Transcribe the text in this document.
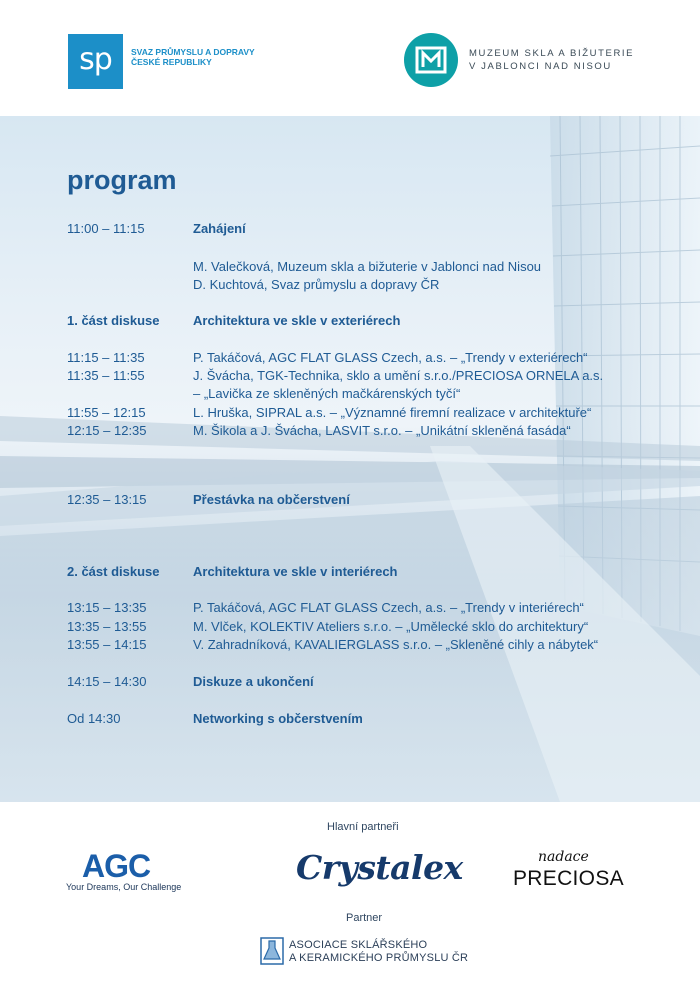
sp	SVAZ PRŮMYSLU A DOPRAVY
ČESKÉ REPUBLIKY
MUZEUM SKLA A BIŽUTERIE
V JABLONCI NAD NISOU
program
11:00 – 11:15	Zahájení
M. Valečková, Muzeum skla a bižuterie v Jablonci nad Nisou
D. Kuchtová, Svaz průmyslu a dopravy ČR
1. část diskuse	Architektura ve skle v exteriérech
11:15 – 11:35	P. Takáčová, AGC FLAT GLASS Czech, a.s. – „Trendy v exteriérech“
11:35 – 11:55	J. Švácha, TGK-Technika, sklo a umění s.r.o./PRECIOSA ORNELA a.s.
– „Lavička ze skleněných mačkárenských tyčí“
11:55 – 12:15	L. Hruška, SIPRAL a.s. – „Významné firemní realizace v architektuře“
12:15 – 12:35	M. Šikola a J. Švácha, LASVIT s.r.o. – „Unikátní skleněná fasáda“
12:35 – 13:15	Přestávka na občerstvení
2. část diskuse	Architektura ve skle v interiérech
13:15 – 13:35	P. Takáčová, AGC FLAT GLASS Czech, a.s. – „Trendy v interiérech“
13:35 – 13:55	M. Vlček, KOLEKTIV Ateliers s.r.o. – „Umělecké sklo do architektury“
13:55 – 14:15	V. Zahradníková, KAVALIERGLASS s.r.o. – „Skleněné cihly a nábytek“
14:15 – 14:30	Diskuze a ukončení
Od 14:30	Networking s občerstvením
Hlavní partneři
AGC
Your Dreams, Our Challenge	Crystalex	nadace
PRECIOSA
Partner
ASOCIACE SKLÁŘSKÉHO
A KERAMICKÉHO PRŮMYSLU ČR
